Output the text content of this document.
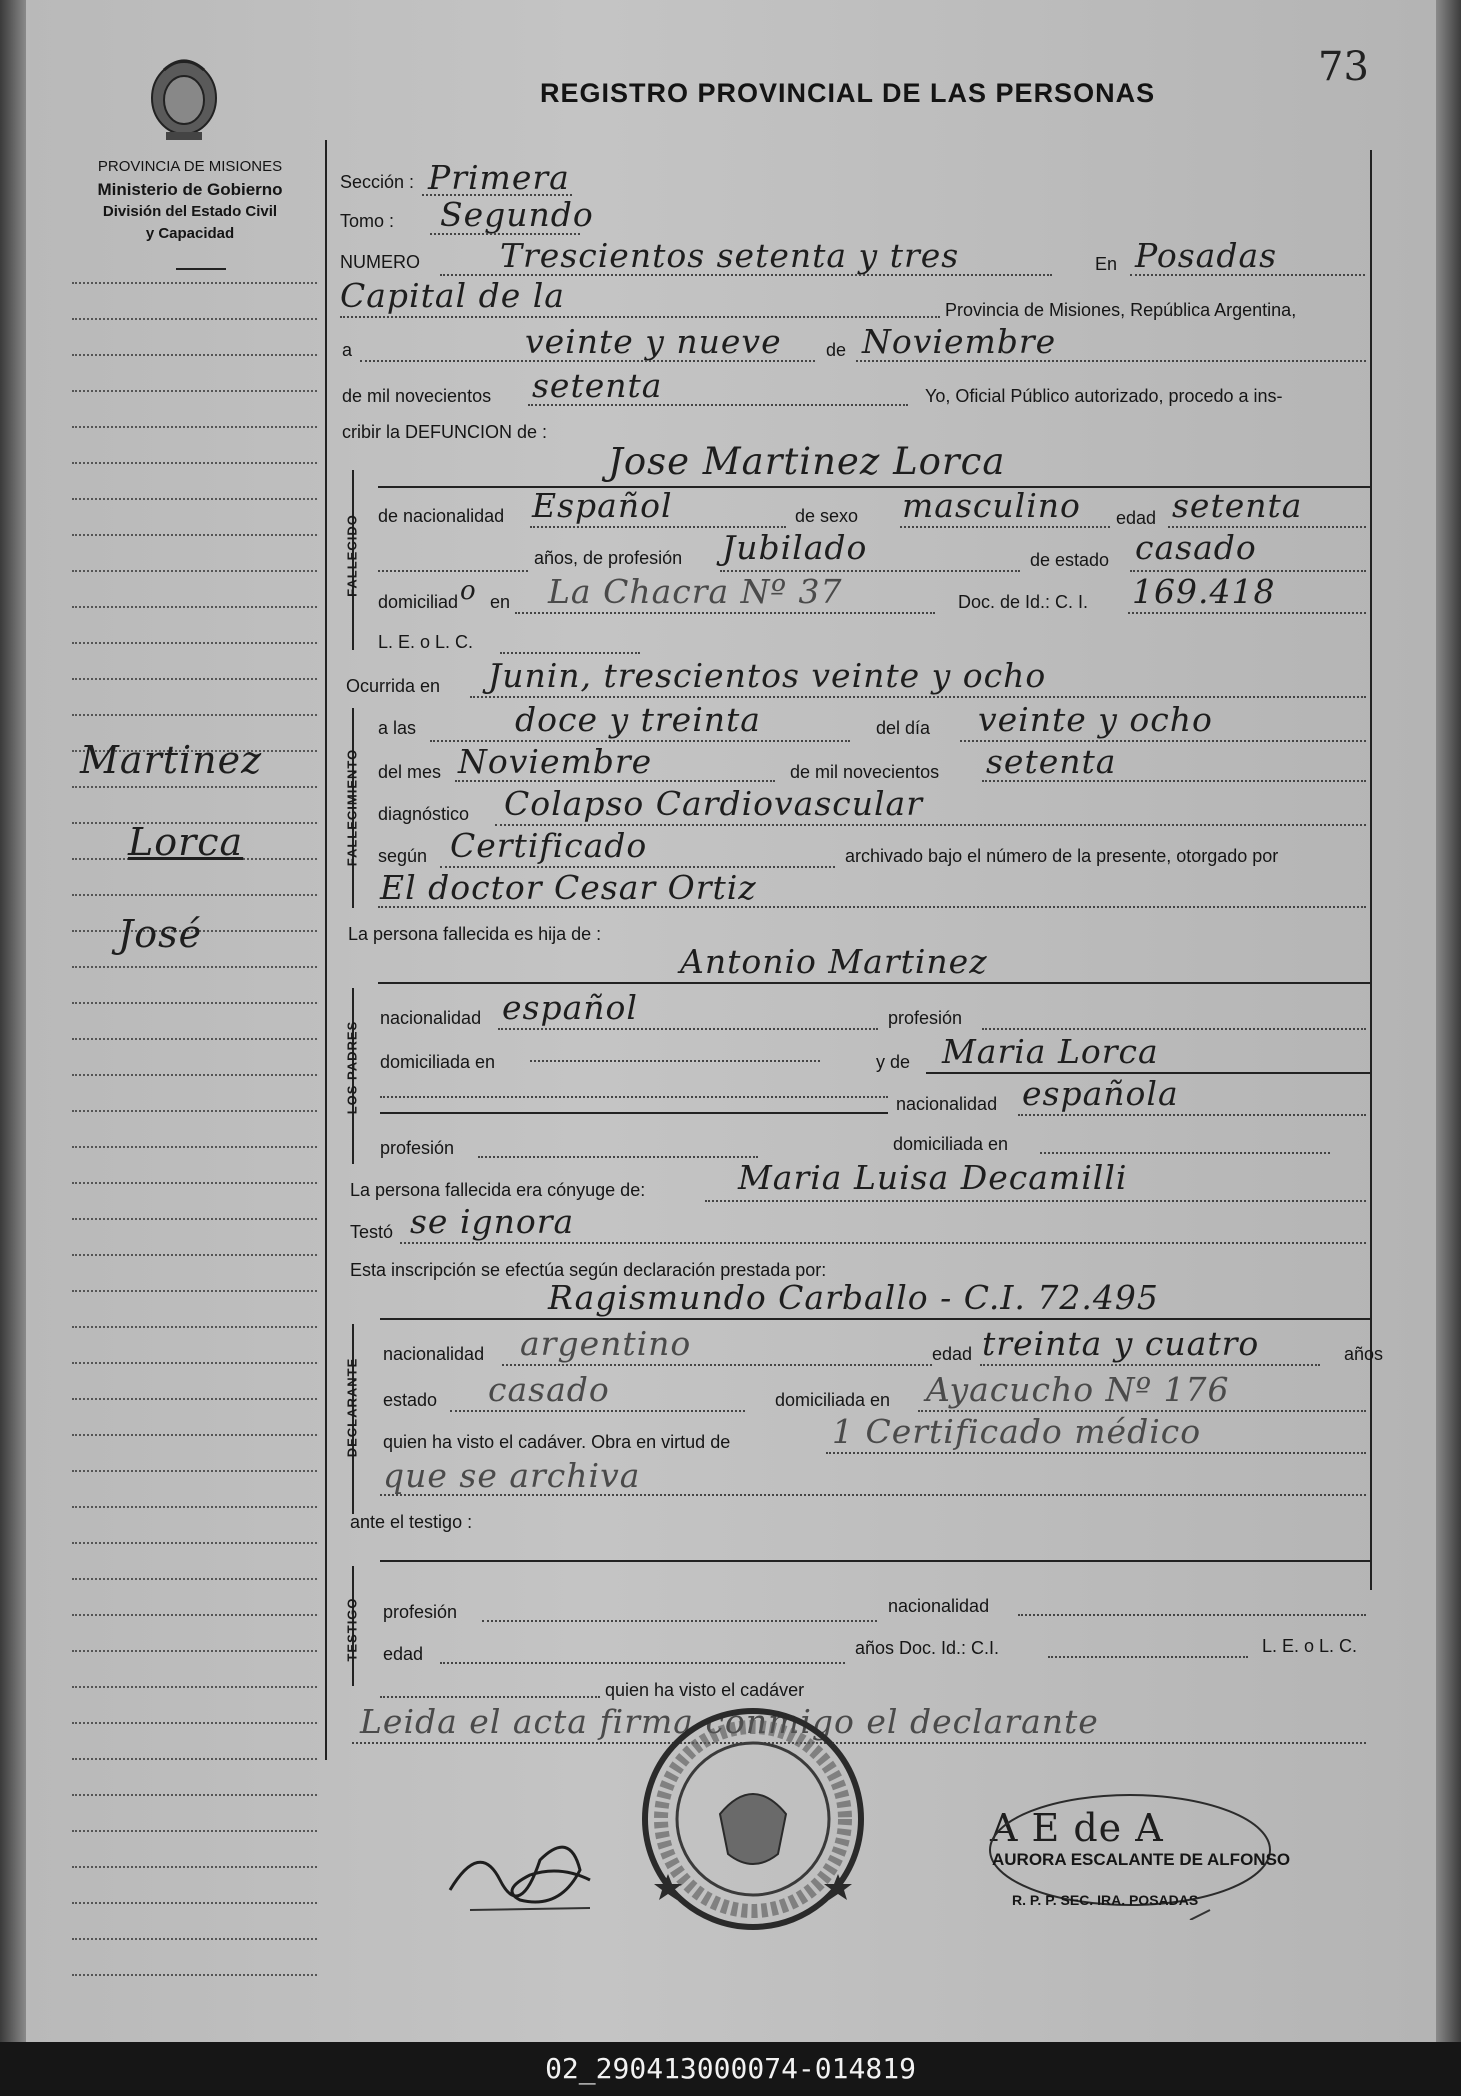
PROVINCIA DE MISIONES
Ministerio de Gobierno
División del Estado Civil
y Capacidad
REGISTRO PROVINCIAL DE LAS PERSONAS
73
Martinez
Lorca
José
Sección : Primera
Tomo : Segundo
NUMERO Trescientos setenta y tres	En Posadas
Capital de la	Provincia de Misiones, República Argentina,
a	veinte y nueve de Noviembre
de mil novecientos setenta	Yo, Oficial Público autorizado, procedo a ins-
cribir la DEFUNCION de :
FALLECIDO
Jose Martinez Lorca
de nacionalidad Español	de sexo masculino edad setenta
años, de profesión Jubilado	de estado casado
domiciliad o en La Chacra Nº 37	Doc. de Id.: C. I. 169.418
L. E. o L. C.
Ocurrida en Junin, trescientos veinte y ocho
FALLECIMIENTO
a las	doce y treinta	del día veinte y ocho
del mes Noviembre	de mil novecientos setenta
diagnóstico Colapso Cardiovascular
según Certificado	archivado bajo el número de la presente, otorgado por
El doctor Cesar Ortiz
La persona fallecida es hija de :
Antonio Martinez
LOS PADRES
nacionalidad español	profesión
domiciliada en	y de Maria Lorca
nacionalidad española
profesión	domiciliada en
La persona fallecida era cónyuge de:	Maria Luisa Decamilli
Testó se ignora
Esta inscripción se efectúa según declaración prestada por:
Ragismundo Carballo - C.I. 72.495
DECLARANTE
nacionalidad argentino	edad treinta y cuatro	años
estado casado	domiciliada en Ayacucho Nº 176
quien ha visto el cadáver. Obra en virtud de	1 Certificado médico
que se archiva
ante el testigo :
TESTIGO profesión	nacionalidad
edad	años Doc. Id.: C.I.	L. E. o L. C.
quien ha visto el cadáver
Leida el acta firma conmigo el declarante
A E de A
AURORA ESCALANTE DE ALFONSO
R. P. P. SEC. IRA. POSADAS
02_290413000074-014819
